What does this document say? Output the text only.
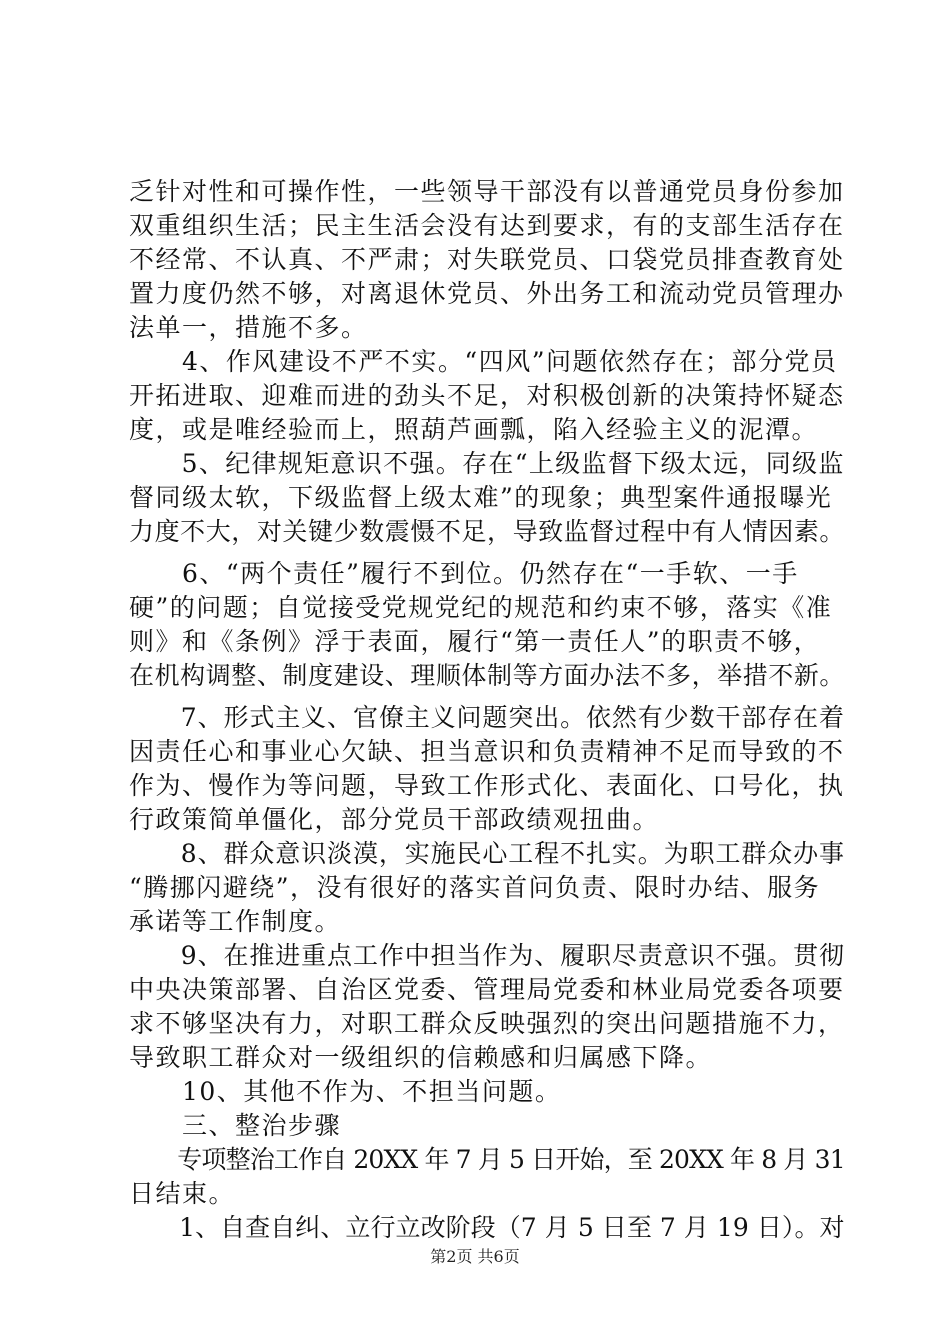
乏针对性和可操作性，一些领导干部没有以普通党员身份参加
双重组织生活；民主生活会没有达到要求，有的支部生活存在
不经常、不认真、不严肃；对失联党员、口袋党员排查教育处
置力度仍然不够，对离退休党员、外出务工和流动党员管理办
法单一，措施不多。
　　4、作风建设不严不实。“四风”问题依然存在；部分党员
开拓进取、迎难而进的劲头不足，对积极创新的决策持怀疑态
度，或是唯经验而上，照葫芦画瓢，陷入经验主义的泥潭。
　　5、纪律规矩意识不强。存在“上级监督下级太远，同级监
督同级太软，下级监督上级太难”的现象；典型案件通报曝光
力度不大，对关键少数震慑不足，导致监督过程中有人情因素。
　　6、“两个责任”履行不到位。仍然存在“一手软、一手
硬”的问题；自觉接受党规党纪的规范和约束不够，落实《准
则》和《条例》浮于表面，履行“第一责任人”的职责不够，
在机构调整、制度建设、理顺体制等方面办法不多，举措不新。
　　7、形式主义、官僚主义问题突出。依然有少数干部存在着
因责任心和事业心欠缺、担当意识和负责精神不足而导致的不
作为、慢作为等问题，导致工作形式化、表面化、口号化，执
行政策简单僵化，部分党员干部政绩观扭曲。
　　8、群众意识淡漠，实施民心工程不扎实。为职工群众办事
“腾挪闪避绕”，没有很好的落实首问负责、限时办结、服务
承诺等工作制度。
　　9、在推进重点工作中担当作为、履职尽责意识不强。贯彻
中央决策部署、自治区党委、管理局党委和林业局党委各项要
求不够坚决有力，对职工群众反映强烈的突出问题措施不力，
导致职工群众对一级组织的信赖感和归属感下降。
　　10、其他不作为、不担当问题。
　　三、整治步骤
　　专项整治工作自 20XX 年 7 月 5 日开始，至 20XX 年 8 月 31
日结束。
　　1、自查自纠、立行立改阶段（7 月 5 日至 7 月 19 日）。对
第2页 共6页
